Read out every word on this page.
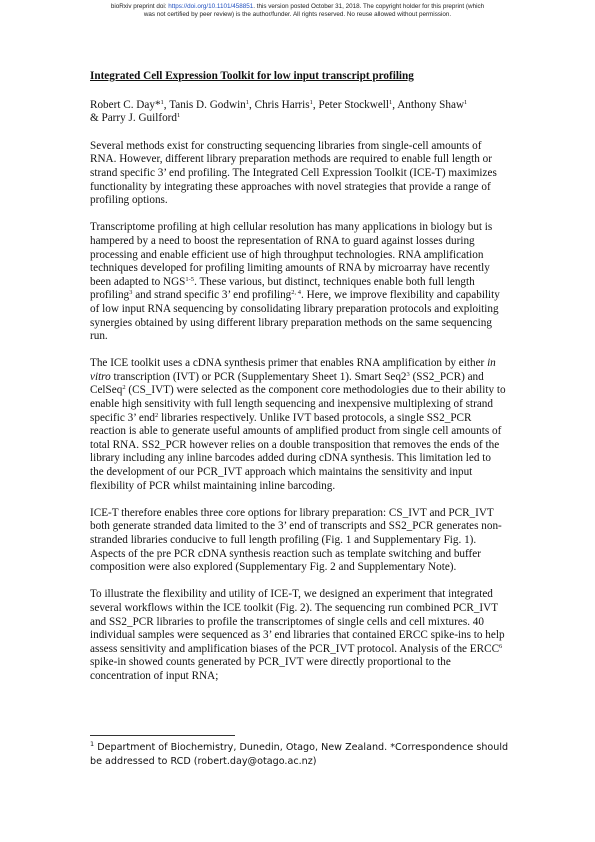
bioRxiv preprint doi: https://doi.org/10.1101/458851. this version posted October 31, 2018. The copyright holder for this preprint (which
was not certified by peer review) is the author/funder. All rights reserved. No reuse allowed without permission.
Integrated Cell Expression Toolkit for low input transcript profiling
Robert C. Day*$^1$, Tanis D. Godwin$^1$, Chris Harris$^1$, Peter Stockwell$^1$, Anthony Shaw$^1$
& Parry J. Guilford$^1$

Several methods exist for constructing sequencing libraries from single-cell amounts of RNA. However, different library preparation methods are required to enable full length or strand specific 3’ end profiling. The Integrated Cell Expression Toolkit (ICE-T) maximizes functionality by integrating these approaches with novel strategies that provide a range of profiling options.

Transcriptome profiling at high cellular resolution has many applications in biology but is hampered by a need to boost the representation of RNA to guard against losses during processing and enable efficient use of high throughput technologies. RNA amplification techniques developed for profiling limiting amounts of RNA by microarray have recently been adapted to NGS$^{1-5}$. These various, but distinct, techniques enable both full length profiling$^3$ and strand specific 3’ end profiling$^{2, 4}$. Here, we improve flexibility and capability of low input RNA sequencing by consolidating library preparation protocols and exploiting synergies obtained by using different library preparation methods on the same sequencing run.

The ICE toolkit uses a cDNA synthesis primer that enables RNA amplification by either in vitro transcription (IVT) or PCR (Supplementary Sheet 1). Smart $Seq2^3$ (SS2_PCR) and CelSeq$^2$ (CS_IVT) were selected as the component core methodologies due to their ability to enable high sensitivity with full length sequencing and inexpensive multiplexing of strand specific 3’ end$^2$ libraries respectively. Unlike IVT based protocols, a single SS2_PCR reaction is able to generate useful amounts of amplified product from single cell amounts of total RNA. SS2_PCR however relies on a double transposition that removes the ends of the library including any inline barcodes added during cDNA synthesis. This limitation led to the development of our PCR_IVT approach which maintains the sensitivity and input flexibility of PCR whilst maintaining inline barcoding.

ICE-T therefore enables three core options for library preparation: CS_IVT and PCR_IVT both generate stranded data limited to the 3’ end of transcripts and SS2_PCR generates non-stranded libraries conducive to full length profiling (Fig. 1 and Supplementary Fig. 1). Aspects of the pre PCR cDNA synthesis reaction such as template switching and buffer composition were also explored (Supplementary Fig. 2 and Supplementary Note).

To illustrate the flexibility and utility of ICE-T, we designed an experiment that integrated several workflows within the ICE toolkit (Fig. 2). The sequencing run combined PCR_IVT and SS2_PCR libraries to profile the transcriptomes of single cells and cell mixtures. 40 individual samples were sequenced as 3’ end libraries that contained ERCC spike-ins to help assess sensitivity and amplification biases of the PCR_IVT protocol. Analysis of the ERCC$^6$ spike-in showed counts generated by PCR_IVT were directly proportional to the concentration of input RNA;

$^1$ Department of Biochemistry, Dunedin, Otago, New Zealand. *Correspondence should be addressed to RCD (robert.day@otago.ac.nz)
